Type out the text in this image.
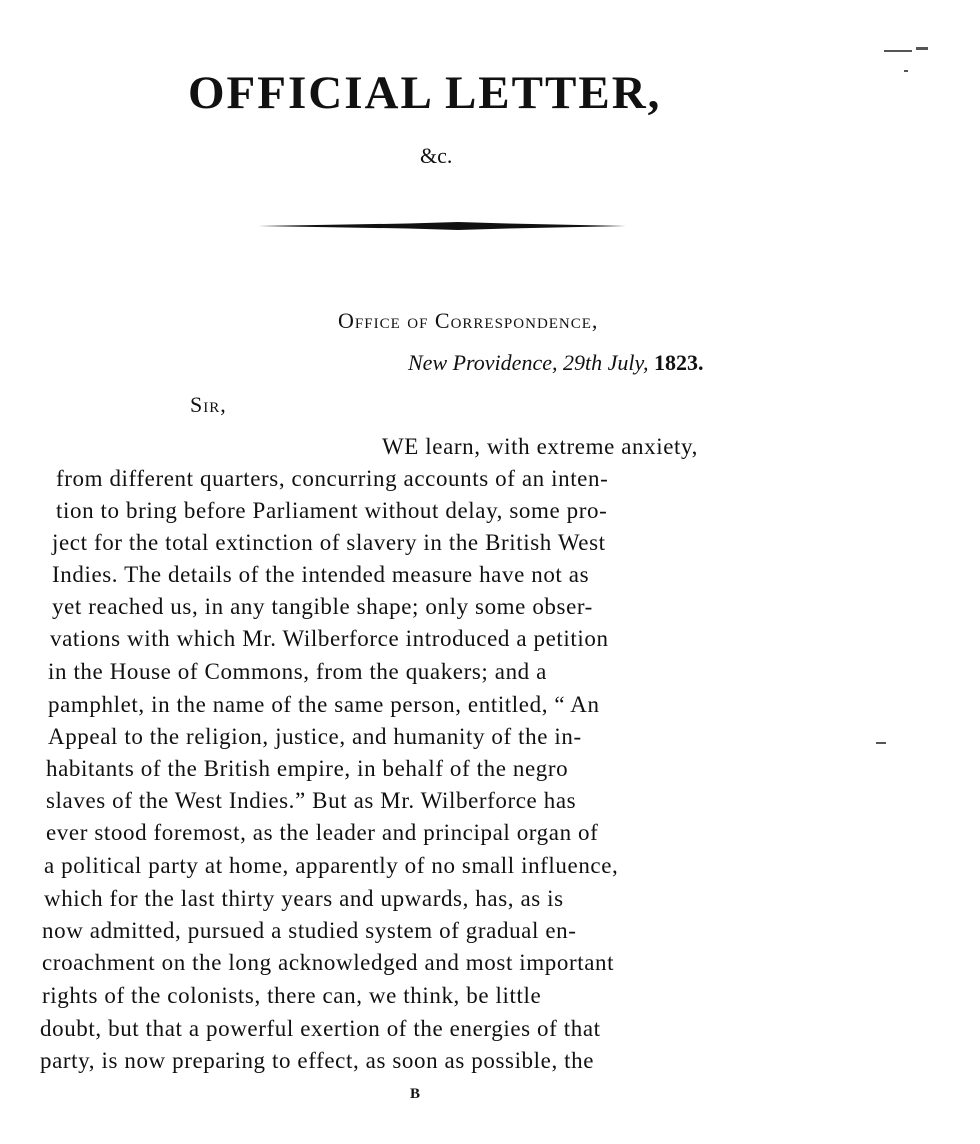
OFFICIAL LETTER,
&c.
Office of Correspondence,
New Providence, 29th July, 1823.
Sir,
WE learn, with extreme anxiety,
from different quarters, concurring accounts of an inten-
tion to bring before Parliament without delay, some pro-
ject for the total extinction of slavery in the British West
Indies. The details of the intended measure have not as
yet reached us, in any tangible shape; only some obser-
vations with which Mr. Wilberforce introduced a petition
in the House of Commons, from the quakers; and a
pamphlet, in the name of the same person, entitled, “ An
Appeal to the religion, justice, and humanity of the in-
habitants of the British empire, in behalf of the negro
slaves of the West Indies.” But as Mr. Wilberforce has
ever stood foremost, as the leader and principal organ of
a political party at home, apparently of no small influence,
which for the last thirty years and upwards, has, as is
now admitted, pursued a studied system of gradual en-
croachment on the long acknowledged and most important
rights of the colonists, there can, we think, be little
doubt, but that a powerful exertion of the energies of that
party, is now preparing to effect, as soon as possible, the
B
